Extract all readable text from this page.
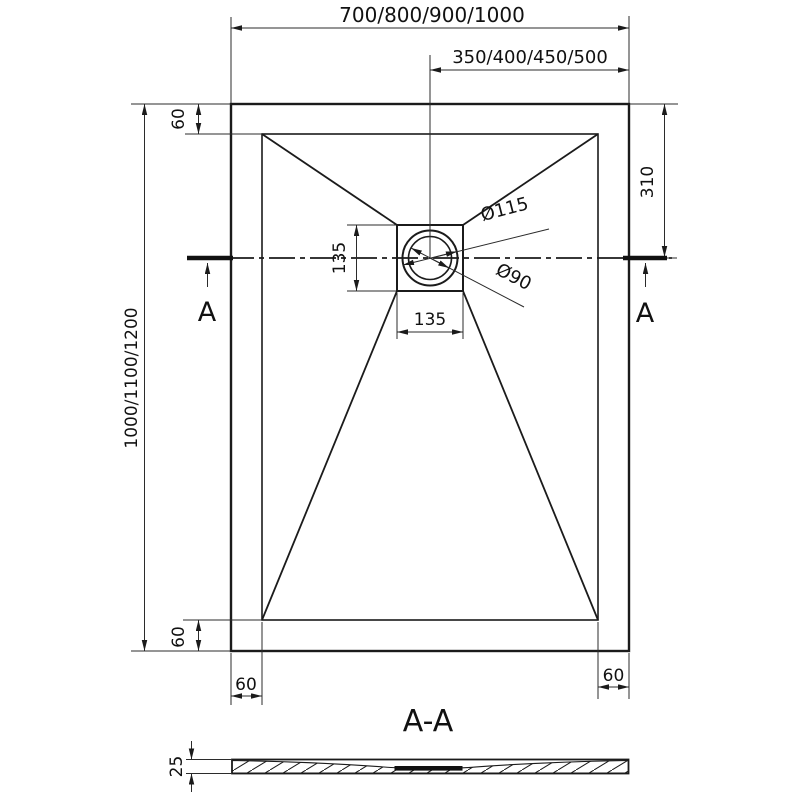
700/800/900/1000
350/400/450/500
1000/1100/1200
60
60
60	60
310
135
135
Ø115
Ø90
A	A
A-A
25
